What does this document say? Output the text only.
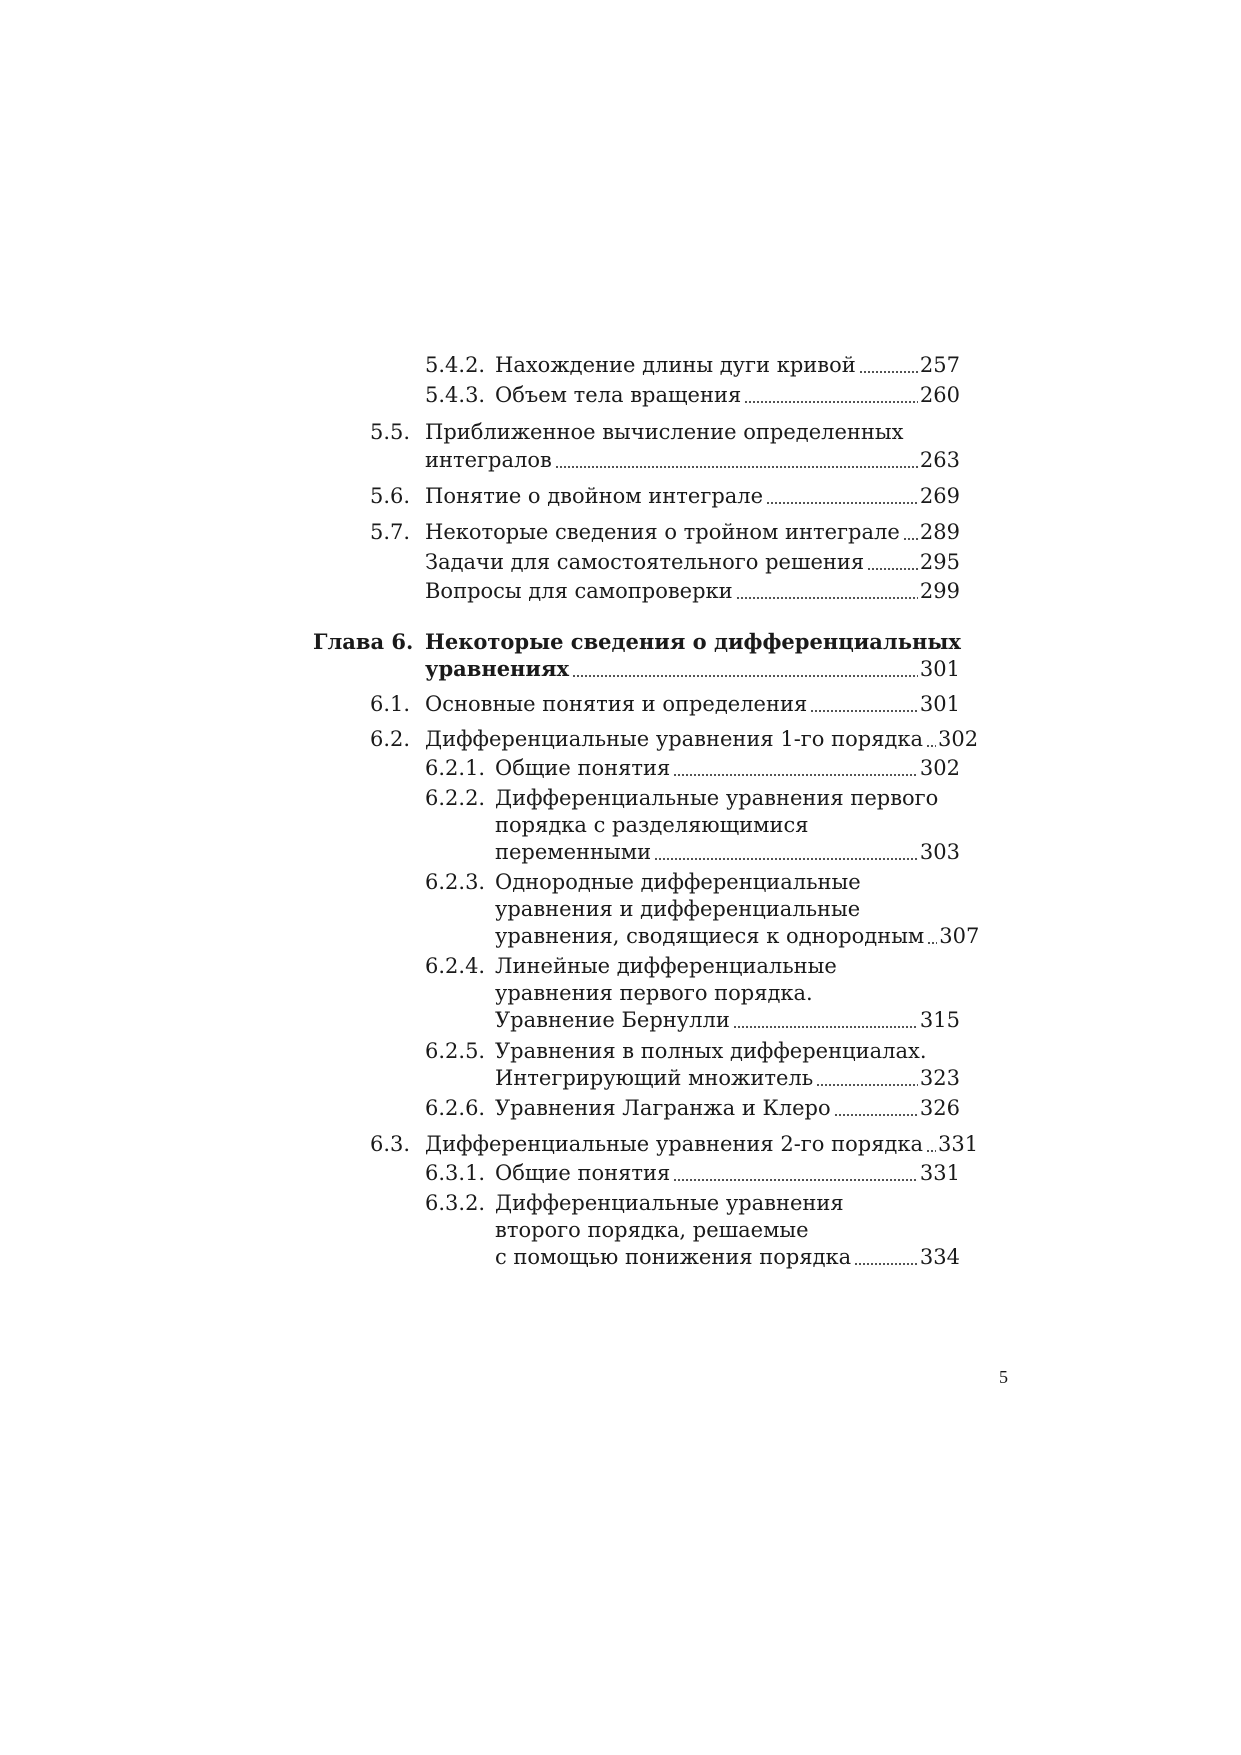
5.4.2. Нахождение длины дуги кривой	257
5.4.3. Объем тела вращения	260
5.5. Приближенное вычисление определенных
интегралов	263
5.6. Понятие о двойном интеграле	269
5.7. Некоторые сведения о тройном интеграле 289
Задачи для самостоятельного решения	295
Вопросы для самопроверки	299
Глава 6. Некоторые сведения о дифференциальных
уравнениях	301
6.1. Основные понятия и определения	301
6.2. Дифференциальные уравнения 1-го порядка 302
6.2.1. Общие понятия	302
6.2.2. Дифференциальные уравнения первого
порядка с разделяющимися
переменными	303
6.2.3. Однородные дифференциальные
уравнения и дифференциальные
уравнения, сводящиеся к однородным 307
6.2.4. Линейные дифференциальные
уравнения первого порядка.
Уравнение Бернулли	315
6.2.5. Уравнения в полных дифференциалах.
Интегрирующий множитель	323
6.2.6. Уравнения Лагранжа и Клеро	326
6.3. Дифференциальные уравнения 2-го порядка 331
6.3.1. Общие понятия	331
6.3.2. Дифференциальные уравнения
второго порядка, решаемые
с помощью понижения порядка	334
5
